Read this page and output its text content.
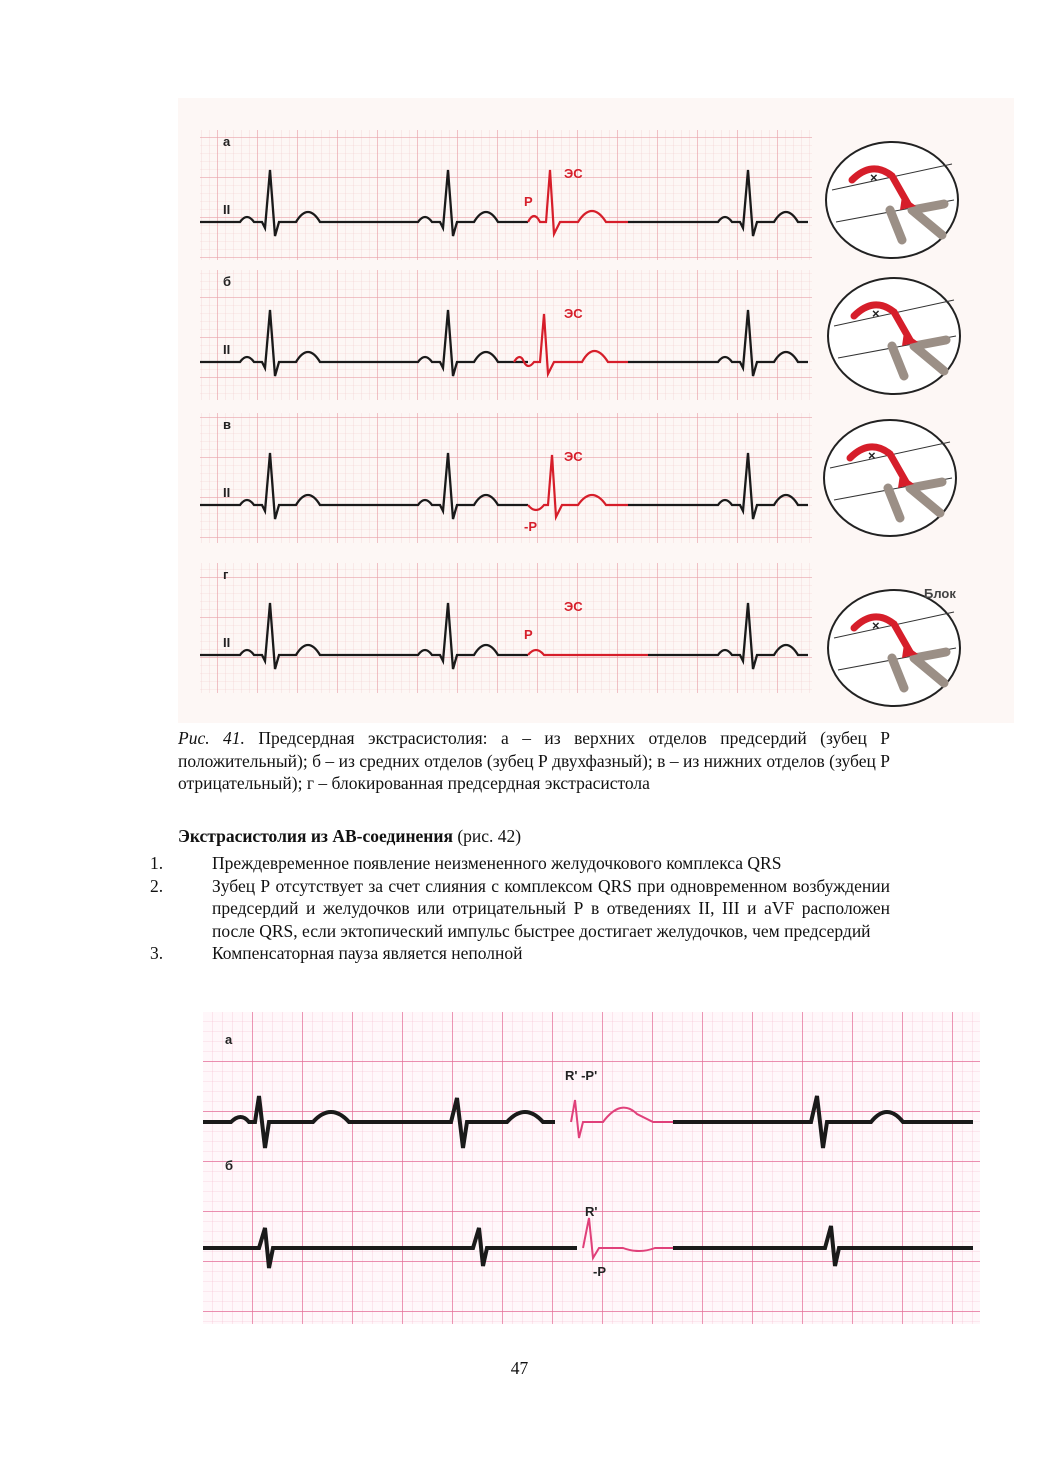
а
II
ЭС
P
б
II
ЭС
в
II
ЭС
-P
г
II
ЭС
P
×
×
×
×
Блок
Рис. 41. Предсердная экстрасистолия: а – из верхних отделов предсердий (зубец Р положительный); б – из средних отделов (зубец Р двухфазный); в – из нижних отделов (зубец Р отрицательный); г – блокированная предсердная экстрасистола
Экстрасистолия из АВ-соединения (рис. 42)
1.	Преждевременное появление неизмененного желудочкового комплекса QRS
2.	Зубец Р отсутствует за счет слияния с комплексом QRS при одновременном возбуждении предсердий и желудочков или отрицательный Р в отведениях II, III и aVF расположен после QRS, если эктопический импульс быстрее достигает желудочков, чем предсердий
3.	Компенсаторная пауза является неполной
а
R' -P'
б
R'
-P
47
